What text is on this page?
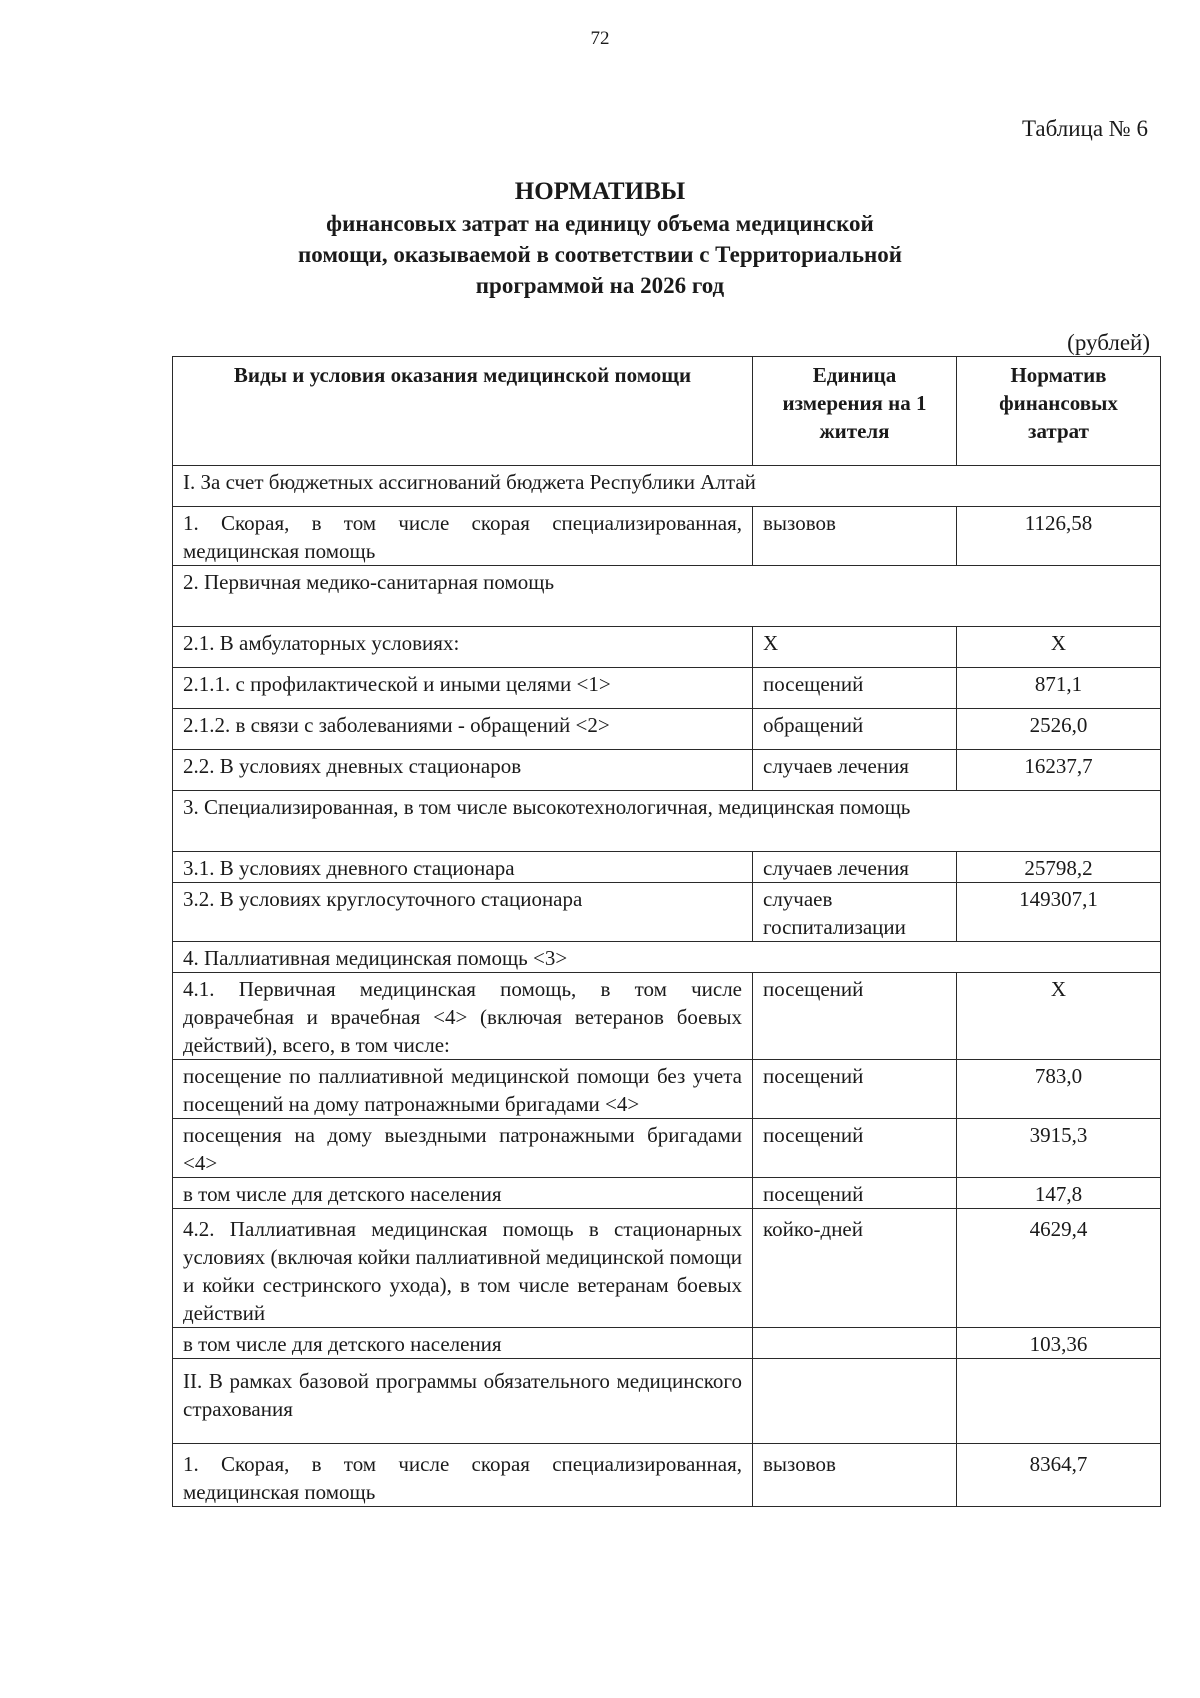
72
Таблица № 6
НОРМАТИВЫ
финансовых затрат на единицу объема медицинской
помощи, оказываемой в соответствии с Территориальной
программой на 2026 год
(рублей)
Виды и условия оказания медицинской помощи	Единица измерения на 1 жителя	Норматив финансовых затрат
I. За счет бюджетных ассигнований бюджета Республики Алтай		
1. Скорая, в том числе скорая специализированная, медицинская помощь	вызовов	1126,58
2. Первичная медико-санитарная помощь		
2.1. В амбулаторных условиях:	Х	Х
2.1.1. с профилактической и иными целями <1>	посещений	871,1
2.1.2. в связи с заболеваниями - обращений <2>	обращений	2526,0
2.2. В условиях дневных стационаров	случаев лечения	16237,7
3. Специализированная, в том числе высокотехнологичная, медицинская помощь		
3.1. В условиях дневного стационара	случаев лечения	25798,2
3.2. В условиях круглосуточного стационара	случаев госпитализации	149307,1
4. Паллиативная медицинская помощь <3>		
4.1. Первичная медицинская помощь, в том числе доврачебная и врачебная <4> (включая ветеранов боевых действий), всего, в том числе:	посещений	Х
посещение по паллиативной медицинской помощи без учета посещений на дому патронажными бригадами <4>	посещений	783,0
посещения на дому выездными патронажными бригадами <4>	посещений	3915,3
в том числе для детского населения	посещений	147,8
4.2. Паллиативная медицинская помощь в стационарных условиях (включая койки паллиативной медицинской помощи и койки сестринского ухода), в том числе ветеранам боевых действий	койко-дней	4629,4
в том числе для детского населения		103,36
II. В рамках базовой программы обязательного медицинского страхования		
1. Скорая, в том числе скорая специализированная, медицинская помощь	вызовов	8364,7
